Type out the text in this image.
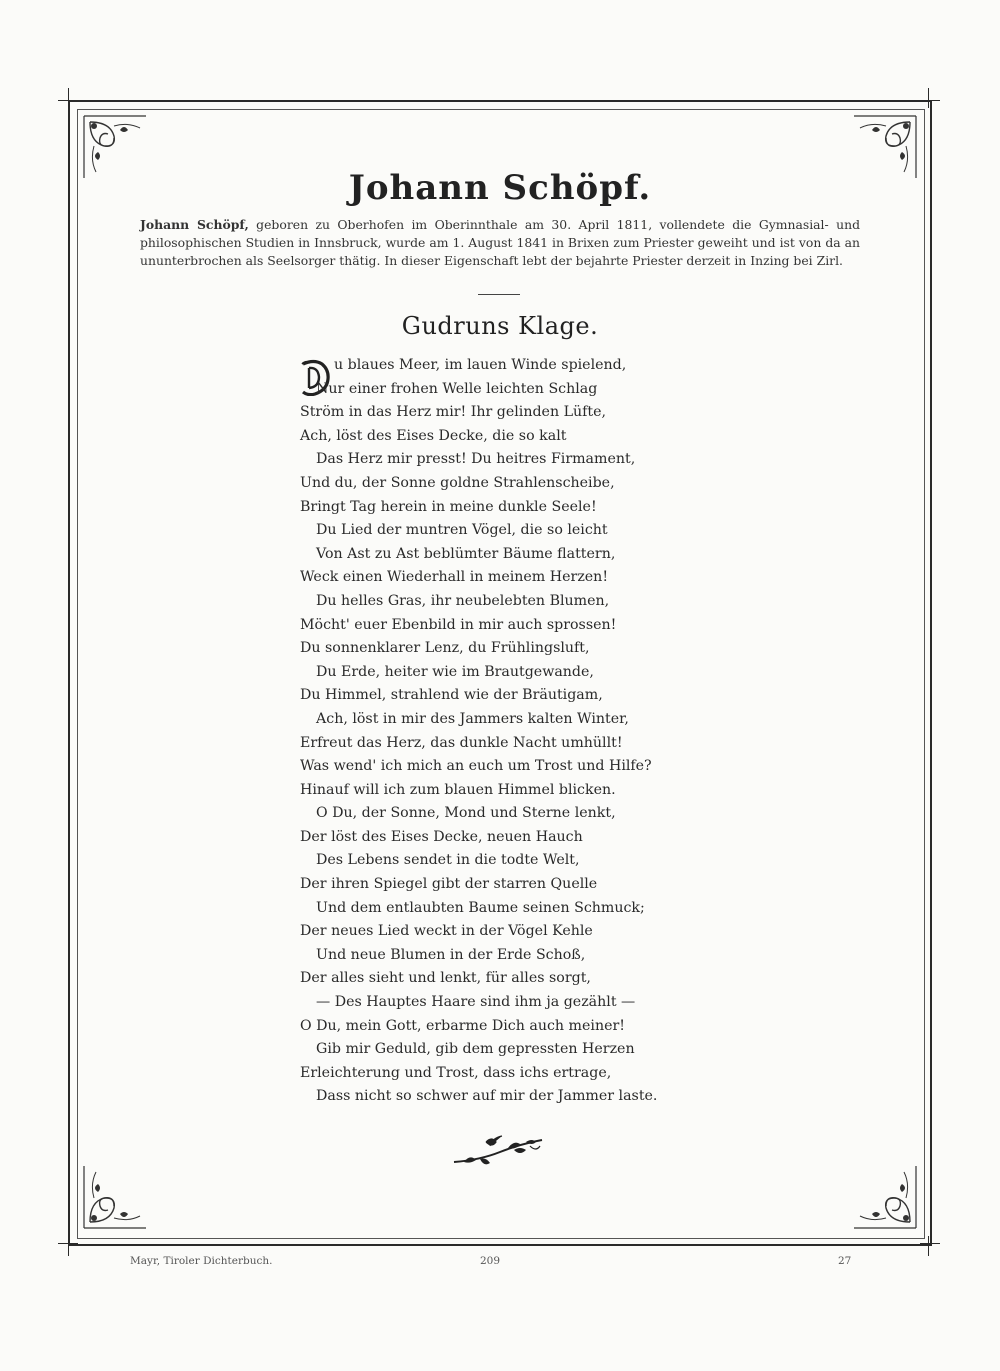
Johann Schöpf.
Johann Schöpf, geboren zu Oberhofen im Oberinnthale am 30. April 1811, vollendete die Gymnasial- und philosophischen Studien in Innsbruck, wurde am 1. August 1841 in Brixen zum Priester geweiht und ist von da an ununterbrochen als Seelsorger thätig. In dieser Eigenschaft lebt der bejahrte Priester derzeit in Inzing bei Zirl.
Gudruns Klage.
u blaues Meer, im lauen Winde spielend,
Nur einer frohen Welle leichten Schlag
Ström in das Herz mir! Ihr gelinden Lüfte,
Ach, löst des Eises Decke, die so kalt
Das Herz mir presst! Du heitres Firmament,
Und du, der Sonne goldne Strahlenscheibe,
Bringt Tag herein in meine dunkle Seele!
Du Lied der muntren Vögel, die so leicht
Von Ast zu Ast beblümter Bäume flattern,
Weck einen Wiederhall in meinem Herzen!
Du helles Gras, ihr neubelebten Blumen,
Möcht' euer Ebenbild in mir auch sprossen!
Du sonnenklarer Lenz, du Frühlingsluft,
Du Erde, heiter wie im Brautgewande,
Du Himmel, strahlend wie der Bräutigam,
Ach, löst in mir des Jammers kalten Winter,
Erfreut das Herz, das dunkle Nacht umhüllt!
Was wend' ich mich an euch um Trost und Hilfe?
Hinauf will ich zum blauen Himmel blicken.
O Du, der Sonne, Mond und Sterne lenkt,
Der löst des Eises Decke, neuen Hauch
Des Lebens sendet in die todte Welt,
Der ihren Spiegel gibt der starren Quelle
Und dem entlaubten Baume seinen Schmuck;
Der neues Lied weckt in der Vögel Kehle
Und neue Blumen in der Erde Schoß,
Der alles sieht und lenkt, für alles sorgt,
— Des Hauptes Haare sind ihm ja gezählt —
O Du, mein Gott, erbarme Dich auch meiner!
Gib mir Geduld, gib dem gepressten Herzen
Erleichterung und Trost, dass ichs ertrage,
Dass nicht so schwer auf mir der Jammer laste.
Mayr, Tiroler Dichterbuch.	209	27
